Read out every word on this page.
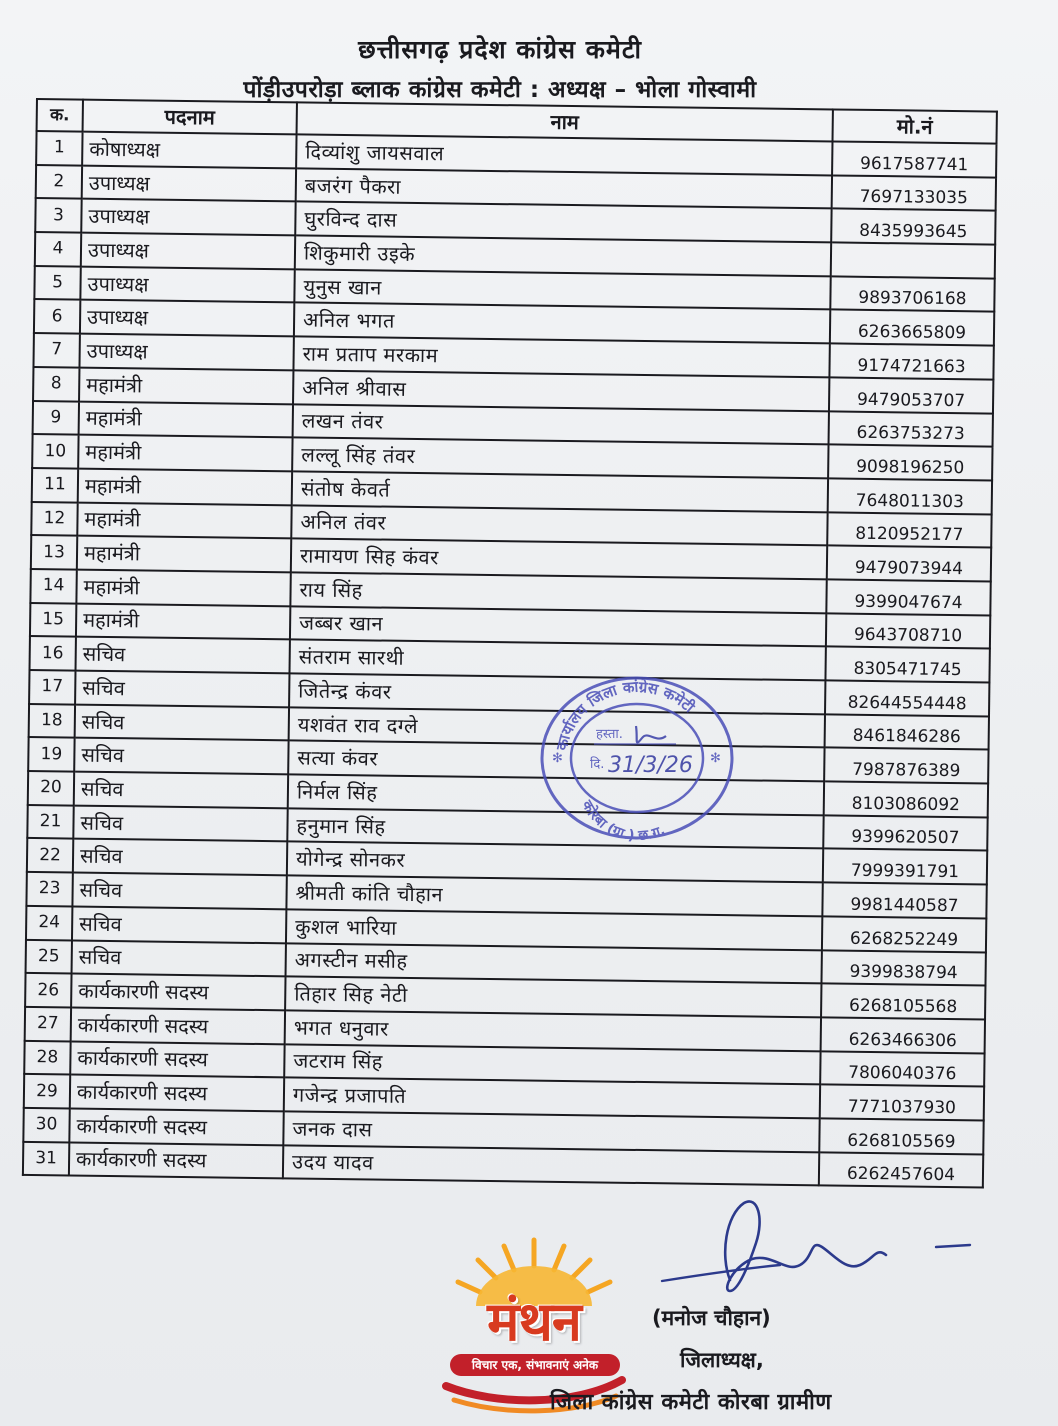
छत्तीसगढ़ प्रदेश कांग्रेस कमेटी
पोंड़ीउपरोड़ा ब्लाक कांग्रेस कमेटी : अध्यक्ष – भोला गोस्वामी
क.	पदनाम	नाम	मो.नं
1	कोषाध्यक्ष	दिव्यांशु जायसवाल	9617587741
2	उपाध्यक्ष	बजरंग पैकरा	7697133035
3	उपाध्यक्ष	घुरविन्द दास	8435993645
4	उपाध्यक्ष	शिकुमारी उइके	
5	उपाध्यक्ष	युनुस खान	9893706168
6	उपाध्यक्ष	अनिल भगत	6263665809
7	उपाध्यक्ष	राम प्रताप मरकाम	9174721663
8	महामंत्री	अनिल श्रीवास	9479053707
9	महामंत्री	लखन तंवर	6263753273
10	महामंत्री	लल्लू सिंह तंवर	9098196250
11	महामंत्री	संतोष केवर्त	7648011303
12	महामंत्री	अनिल तंवर	8120952177
13	महामंत्री	रामायण सिह कंवर	9479073944
14	महामंत्री	राय सिंह	9399047674
15	महामंत्री	जब्बर खान	9643708710
16	सचिव	संतराम सारथी	8305471745
17	सचिव	जितेन्द्र कंवर	82644554448
18	सचिव	यशवंत राव दग्ले	8461846286
19	सचिव	सत्या कंवर	7987876389
20	सचिव	निर्मल सिंह	8103086092
21	सचिव	हनुमान सिंह	9399620507
22	सचिव	योगेन्द्र सोनकर	7999391791
23	सचिव	श्रीमती कांति चौहान	9981440587
24	सचिव	कुशल भारिया	6268252249
25	सचिव	अगस्टीन मसीह	9399838794
26	कार्यकारणी सदस्य	तिहार सिह नेटी	6268105568
27	कार्यकारणी सदस्य	भगत धनुवार	6263466306
28	कार्यकारणी सदस्य	जटराम सिंह	7806040376
29	कार्यकारणी सदस्य	गजेन्द्र प्रजापति	7771037930
30	कार्यकारणी सदस्य	जनक दास	6268105569
31	कार्यकारणी सदस्य	उदय यादव	6262457604
कार्यालय जिला कांग्रेस कमेटी
कोरबा (ग्रा.) छ.ग.
✻	✻
हस्ता.
दि. 31/3/26
मंथन
विचार एक, संभावनाएं अनेक
(मनोज चौहान)
जिलाध्यक्ष,
जिला कांग्रेस कमेटी कोरबा ग्रामीण
